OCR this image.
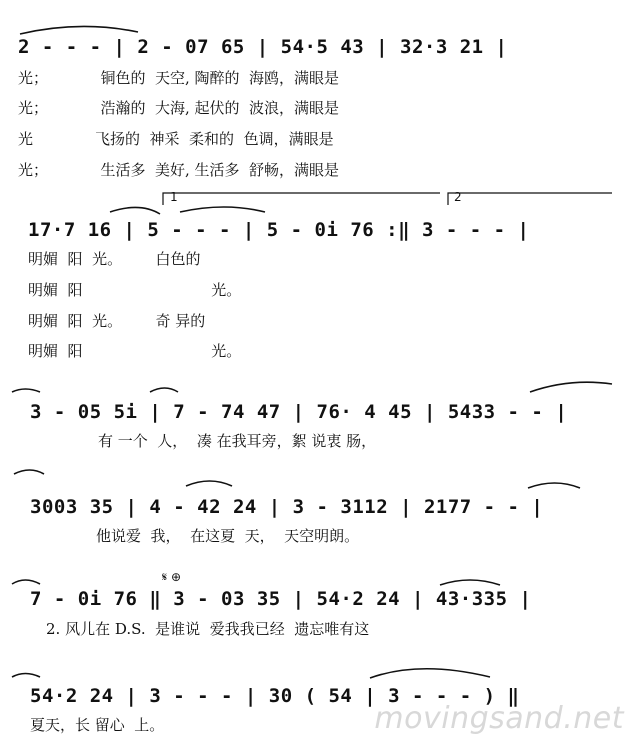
2 - - - | 2 - 07 65 | 54·5 43 | 32·3 21 |
光；           铜色的  天空, 陶醉的  海鸥，满眼是
光；           浩瀚的  大海, 起伏的  波浪，满眼是
光             飞扬的  神采  柔和的  色调，满眼是
光；           生活多  美好, 生活多  舒畅，满眼是
1	2
17·7 16 | 5 - - - | 5 - 0i 76 :‖ 3 - - - |
明媚  阳  光。       白色的
明媚  阳                           光。
明媚  阳  光。       奇 异的
明媚  阳                           光。
3 - 05 5i | 7 - 74 47 | 76· 4 45 | 5433 - - |
有 一个  人，  凑 在我耳旁，絮 说衷 肠，
3003 35 | 4 - 42 24 | 3 - 3112 | 2177 - - |
他说爱  我，  在这夏  天，  天空明朗。
𝄋 ⊕
7 - 0i 76 ‖ 3 - 03 35 | 54·2 24 | 43·335 |
2. 风儿在 D.S.  是谁说  爱我我已经  遗忘唯有这
54·2 24 | 3 - - - | 30 ( 54 | 3 - - - ) ‖
夏天，长 留心  上。	movingsand.net
